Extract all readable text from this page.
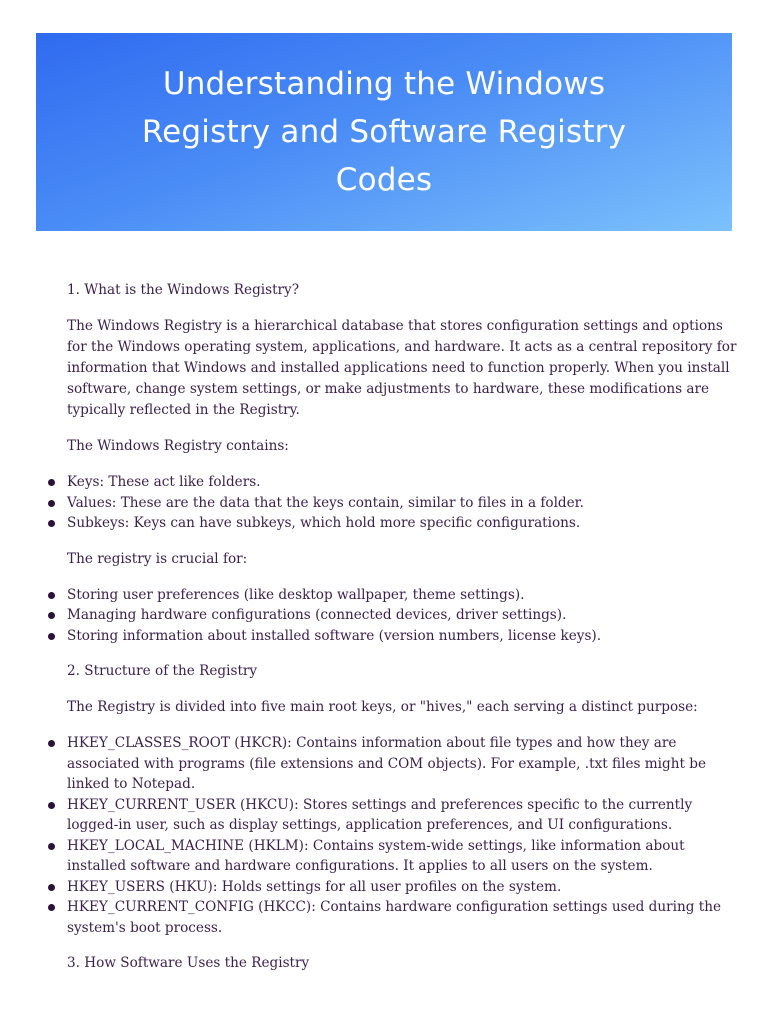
Understanding the Windows Registry and Software Registry Codes

1. What is the Windows Registry?

The Windows Registry is a hierarchical database that stores configuration settings and options for the Windows operating system, applications, and hardware. It acts as a central repository for information that Windows and installed applications need to function properly. When you install software, change system settings, or make adjustments to hardware, these modifications are typically reflected in the Registry.

The Windows Registry contains:

Keys: These act like folders.
Values: These are the data that the keys contain, similar to files in a folder.
Subkeys: Keys can have subkeys, which hold more specific configurations.

The registry is crucial for:

Storing user preferences (like desktop wallpaper, theme settings).
Managing hardware configurations (connected devices, driver settings).
Storing information about installed software (version numbers, license keys).

2. Structure of the Registry

The Registry is divided into five main root keys, or "hives," each serving a distinct purpose:

HKEY_CLASSES_ROOT (HKCR): Contains information about file types and how they are associated with programs (file extensions and COM objects). For example, .txt files might be linked to Notepad.
HKEY_CURRENT_USER (HKCU): Stores settings and preferences specific to the currently logged-in user, such as display settings, application preferences, and UI configurations.
HKEY_LOCAL_MACHINE (HKLM): Contains system-wide settings, like information about installed software and hardware configurations. It applies to all users on the system.
HKEY_USERS (HKU): Holds settings for all user profiles on the system.
HKEY_CURRENT_CONFIG (HKCC): Contains hardware configuration settings used during the system's boot process.

3. How Software Uses the Registry
